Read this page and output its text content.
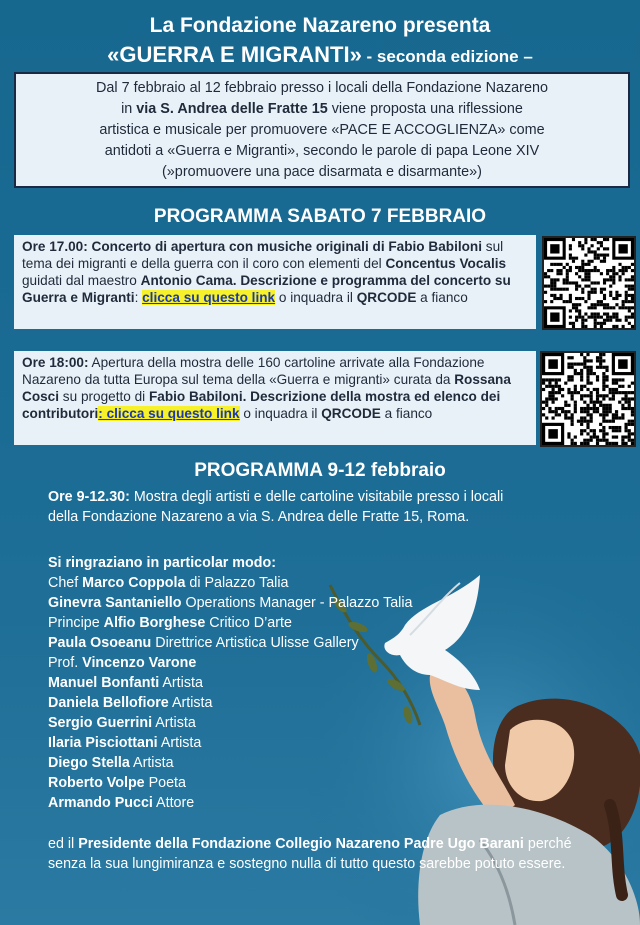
La Fondazione Nazareno presenta
«GUERRA E MIGRANTI» - seconda edizione –
Dal 7 febbraio al 12 febbraio presso i locali della Fondazione Nazareno
in via S. Andrea delle Fratte 15 viene proposta una riflessione
artistica e musicale per promuovere «PACE E ACCOGLIENZA» come
antidoti a «Guerra e Migranti», secondo le parole di papa Leone XIV
(»promuovere una pace disarmata e disarmante»)
PROGRAMMA SABATO 7 FEBBRAIO
Ore 17.00: Concerto di apertura con musiche originali di Fabio Babiloni sul tema dei migranti e della guerra con il coro con elementi del Concentus Vocalis guidati dal maestro Antonio Cama. Descrizione e programma del concerto su Guerra e Migranti: clicca su questo link o inquadra il QRCODE a fianco
Ore 18:00: Apertura della mostra delle 160 cartoline arrivate alla Fondazione Nazareno da tutta Europa sul tema della «Guerra e migranti» curata da Rossana Cosci su progetto di Fabio Babiloni. Descrizione della mostra ed elenco dei contributori: clicca su questo link o inquadra il QRCODE a fianco
PROGRAMMA 9-12 febbraio
Ore 9-12.30: Mostra degli artisti e delle cartoline visitabile presso i locali
della Fondazione Nazareno a via S. Andrea delle Fratte 15, Roma.
Si ringraziano in particolar modo:
Chef Marco Coppola di Palazzo Talia
Ginevra Santaniello Operations Manager - Palazzo Talia
Principe Alfio Borghese Critico D’arte
Paula Osoeanu Direttrice Artistica Ulisse Gallery
Prof. Vincenzo Varone
Manuel Bonfanti Artista
Daniela Bellofiore Artista
Sergio Guerrini Artista
Ilaria Pisciottani Artista
Diego Stella Artista
Roberto Volpe Poeta
Armando Pucci Attore
ed il Presidente della Fondazione Collegio Nazareno Padre Ugo Barani perché senza la sua lungimiranza e sostegno nulla di tutto questo sarebbe potuto essere.
